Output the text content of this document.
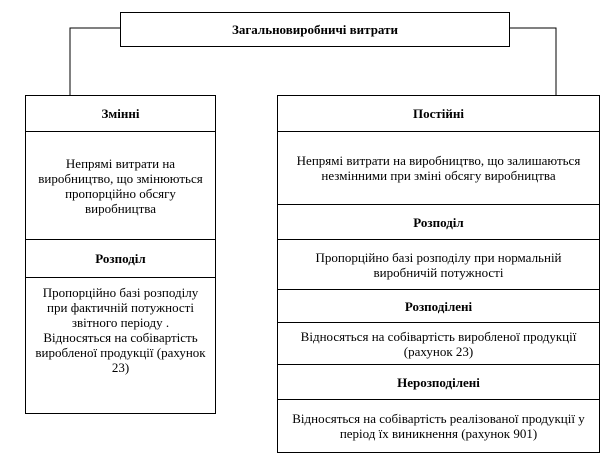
Загальновиробничі витрати
Змінні
Непрямі витрати на виробництво, що змінюються пропорційно обсягу виробництва
Розподіл
Пропорційно базі розподілу при фактичній потужності звітного періоду .
Відносяться на собівартість виробленої продукції (рахунок 23)
Постійні
Непрямі витрати на виробництво, що залишаються незмінними при зміні обсягу виробництва
Розподіл
Пропорційно базі розподілу при нормальній виробничій потужності
Розподілені
Відносяться на собівартість виробленої продукції (рахунок 23)
Нерозподілені
Відносяться на собівартість реалізованої продукції у період їх виникнення (рахунок 901)
